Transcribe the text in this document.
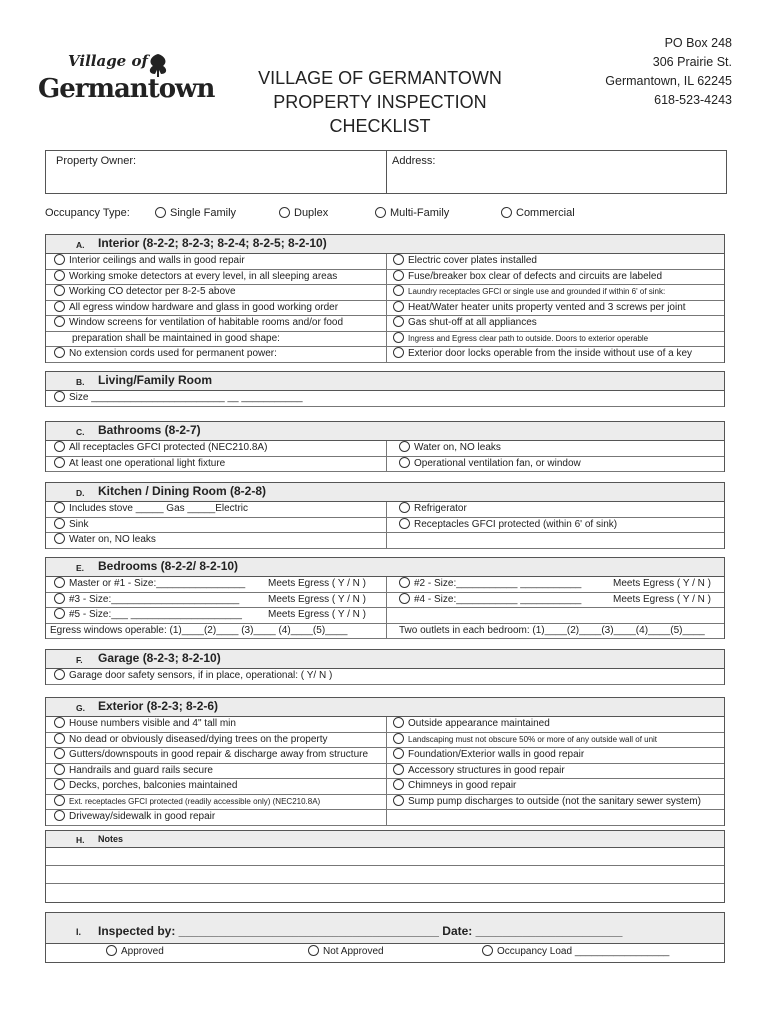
Village of
Germantown	VILLAGE OF GERMANTOWN
PROPERTY INSPECTION CHECKLIST
PO Box 248
306 Prairie St.
Germantown, IL 62245
618-523-4243
Property Owner:	Address:
Occupancy Type:	Single Family	Duplex	Multi-Family	Commercial
A. Interior (8-2-2; 8-2-3; 8-2-4; 8-2-5; 8-2-10)
Interior ceilings and walls in good repair	Electric cover plates installed
Working smoke detectors at every level, in all sleeping areas	Fuse/breaker box clear of defects and circuits are labeled
Working CO detector per 8-2-5 above	Laundry receptacles GFCI or single use and grounded if within 6' of sink:
All egress window hardware and glass in good working order	Heat/Water heater units property vented and 3 screws per joint
Window screens for ventilation of habitable rooms and/or food	Gas shut-off at all appliances
preparation shall be maintained in good shape:	Ingress and Egress clear path to outside. Doors to exterior operable
No extension cords used for permanent power:	Exterior door locks operable from the inside without use of a key
B. Living/Family Room
Size ________________________ __ ___________
C. Bathrooms (8-2-7)
All receptacles GFCI protected (NEC210.8A)	Water on, NO leaks
At least one operational light fixture	Operational ventilation fan, or window
D. Kitchen / Dining Room (8-2-8)
Includes stove _____ Gas _____Electric	Refrigerator
Sink	Receptacles GFCI protected (within 6' of sink)
Water on, NO leaks
E. Bedrooms (8-2-2/ 8-2-10)
Master or #1 - Size:________________ Meets Egress ( Y / N )	#2 - Size:___________ ___________	Meets Egress ( Y / N )
#3 - Size:_______________________	Meets Egress ( Y / N )	#4 - Size:___________ ___________	Meets Egress ( Y / N )
#5 - Size:___ ____________________	Meets Egress ( Y / N )
Egress windows operable: (1)____(2)____ (3)____ (4)____(5)____	Two outlets in each bedroom: (1)____(2)____(3)____(4)____(5)____
F. Garage (8-2-3; 8-2-10)
Garage door safety sensors, if in place, operational: ( Y/ N )
G. Exterior (8-2-3; 8-2-6)
House numbers visible and 4" tall min	Outside appearance maintained
No dead or obviously diseased/dying trees on the property	Landscaping must not obscure 50% or more of any outside wall of unit
Gutters/downspouts in good repair & discharge away from structure	Foundation/Exterior walls in good repair
Handrails and guard rails secure	Accessory structures in good repair
Decks, porches, balconies maintained	Chimneys in good repair
Ext. receptacles GFCI protected (readily accessible only) (NEC210.8A)	Sump pump discharges to outside (not the sanitary sewer system)
Driveway/sidewalk in good repair
H. Notes
I. Inspected by: _______________________________________ Date: ______________________
Approved	Not Approved	Occupancy Load _________________
